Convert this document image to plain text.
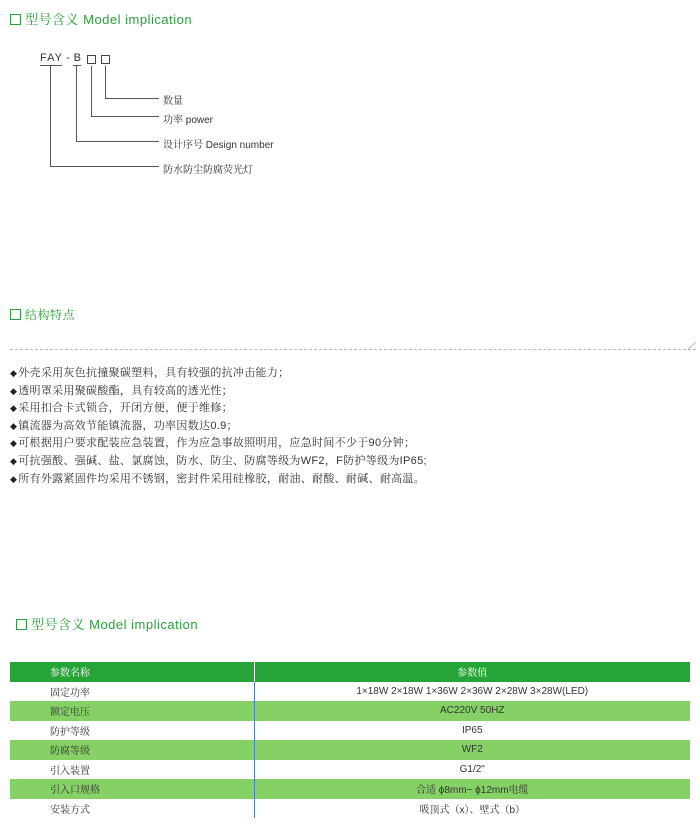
型号含义 Model implication
FAY - B
数量
功率 power
设计序号 Design number
防水防尘防腐荧光灯
结构特点
◆外壳采用灰色抗撞聚碳塑料，具有较强的抗冲击能力；
◆透明罩采用聚碳酸酯，具有较高的透光性；
◆采用扣合卡式锁合，开闭方便，便于维修；
◆镇流器为高效节能镇流器，功率因数达0.9；
◆可根据用户要求配装应急装置，作为应急事故照明用，应急时间不少于90分钟；
◆可抗强酸、强碱、盐、氯腐蚀，防水、防尘、防腐等级为WF2，F防护等级为IP65;
◆所有外露紧固件均采用不锈钢，密封件采用硅橡胶，耐油、耐酸、耐碱、耐高温。
型号含义 Model implication
参数名称	参数值
固定功率	1×18W 2×18W 1×36W 2×36W 2×28W 3×28W(LED)
额定电压	AC220V 50HZ
防护等级	IP65
防腐等级	WF2
引入装置	G1/2"
引入口规格	合适 ϕ8mm~ ϕ12mm电缆
安装方式	吸顶式（x）、壁式（b）
